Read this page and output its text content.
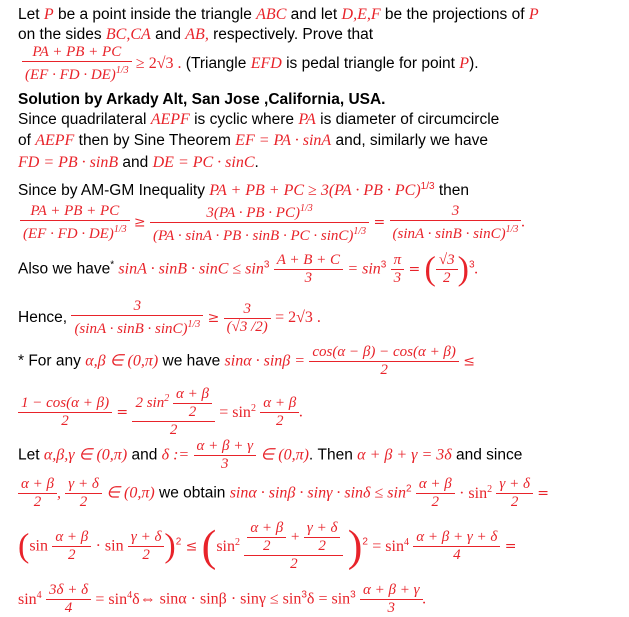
Let P be a point inside the triangle ABC and let D,E,F be the projections of P
on the sides BC,CA and AB, respectively. Prove that
$\frac{PA + PB + PC}{(EF \cdot FD \cdot DE)^{1/3}} \ge 2√3$ . (Triangle EFD is pedal triangle for point P).
Solution by Arkady Alt, San Jose ,California, USA.
Since quadrilateral AEPF is cyclic where PA is diameter of circumcircle
of AEPF then by Sine Theorem EF = PA · sinA and, similarly we have
FD = PB · sinB and DE = PC · sinC.
Since by AM-GM Inequality PA + PB + PC ≥ 3(PA · PB · PC)$^{1/3}$ then
$\frac{PA + PB + PC}{(EF \cdot FD \cdot DE)^{1/3}} \ge \frac{3(PA \cdot PB \cdot PC)^{1/3}}{(PA \cdot \sin A \cdot PB \cdot \sin B \cdot PC \cdot \sin C)^{1/3}} = \frac{3}{(\sin A \cdot \sin B \cdot \sin C)^{1/3}}$ .
Also we have* $\sin A \cdot \sin B \cdot \sin C \le \sin^3 \frac{A + B + C}{3} = \sin^3 \frac{\pi}{3}$ = ( $\frac{√3}{2} )^3$.
Hence, $\frac{3}{(\sin A \cdot \sin B \cdot \sin C)^{1/3}} \ge \frac{3}{(√3 /2)} = 2√3$ .
* For any α,β ∈ (0,π) we have $\sin\alpha \cdot \sin\beta = \frac{\cos(\alpha - \beta) - \cos(\alpha + \beta)}{2}$ ≤
$\frac{1 - \cos(\alpha + \beta)}{2} = \frac{2 \sin^2 \frac{\alpha + \beta}{2}}{2} = \sin^2 \frac{\alpha + \beta}{2}$ .
Let α,β,γ ∈ (0,π) and δ := $\frac{\alpha + \beta + \gamma}{3}$ ∈ (0,π). Then α + β + γ = 3δ and since
$\frac{\alpha + \beta}{2}$ , $\frac{\gamma + \delta}{2}$ ∈ (0,π) we obtain $\sin\alpha \cdot \sin\beta \cdot \sin\gamma \cdot \sin\delta \le \sin^2 \frac{\alpha + \beta}{2} \cdot \sin^2 \frac{\gamma + \delta}{2}$ =
$(\sin \frac{\alpha + \beta}{2} \cdot \sin \frac{\gamma + \delta}{2} )^2 \le (\sin^2 \frac{\frac{\alpha + \beta}{2} + \frac{\gamma + \delta}{2}}{2} )^2 = \sin^4 \frac{\alpha + \beta + \gamma + \delta}{4}$ =
$\sin^4 \frac{3\delta + \delta}{4}$ = $\sin^4\delta\Leftrightarrow$ $\sin\alpha \cdot \sin\beta \cdot \sin\gamma \le \sin^3\delta = \sin^3 \frac{\alpha + \beta + \gamma}{3}$ .
